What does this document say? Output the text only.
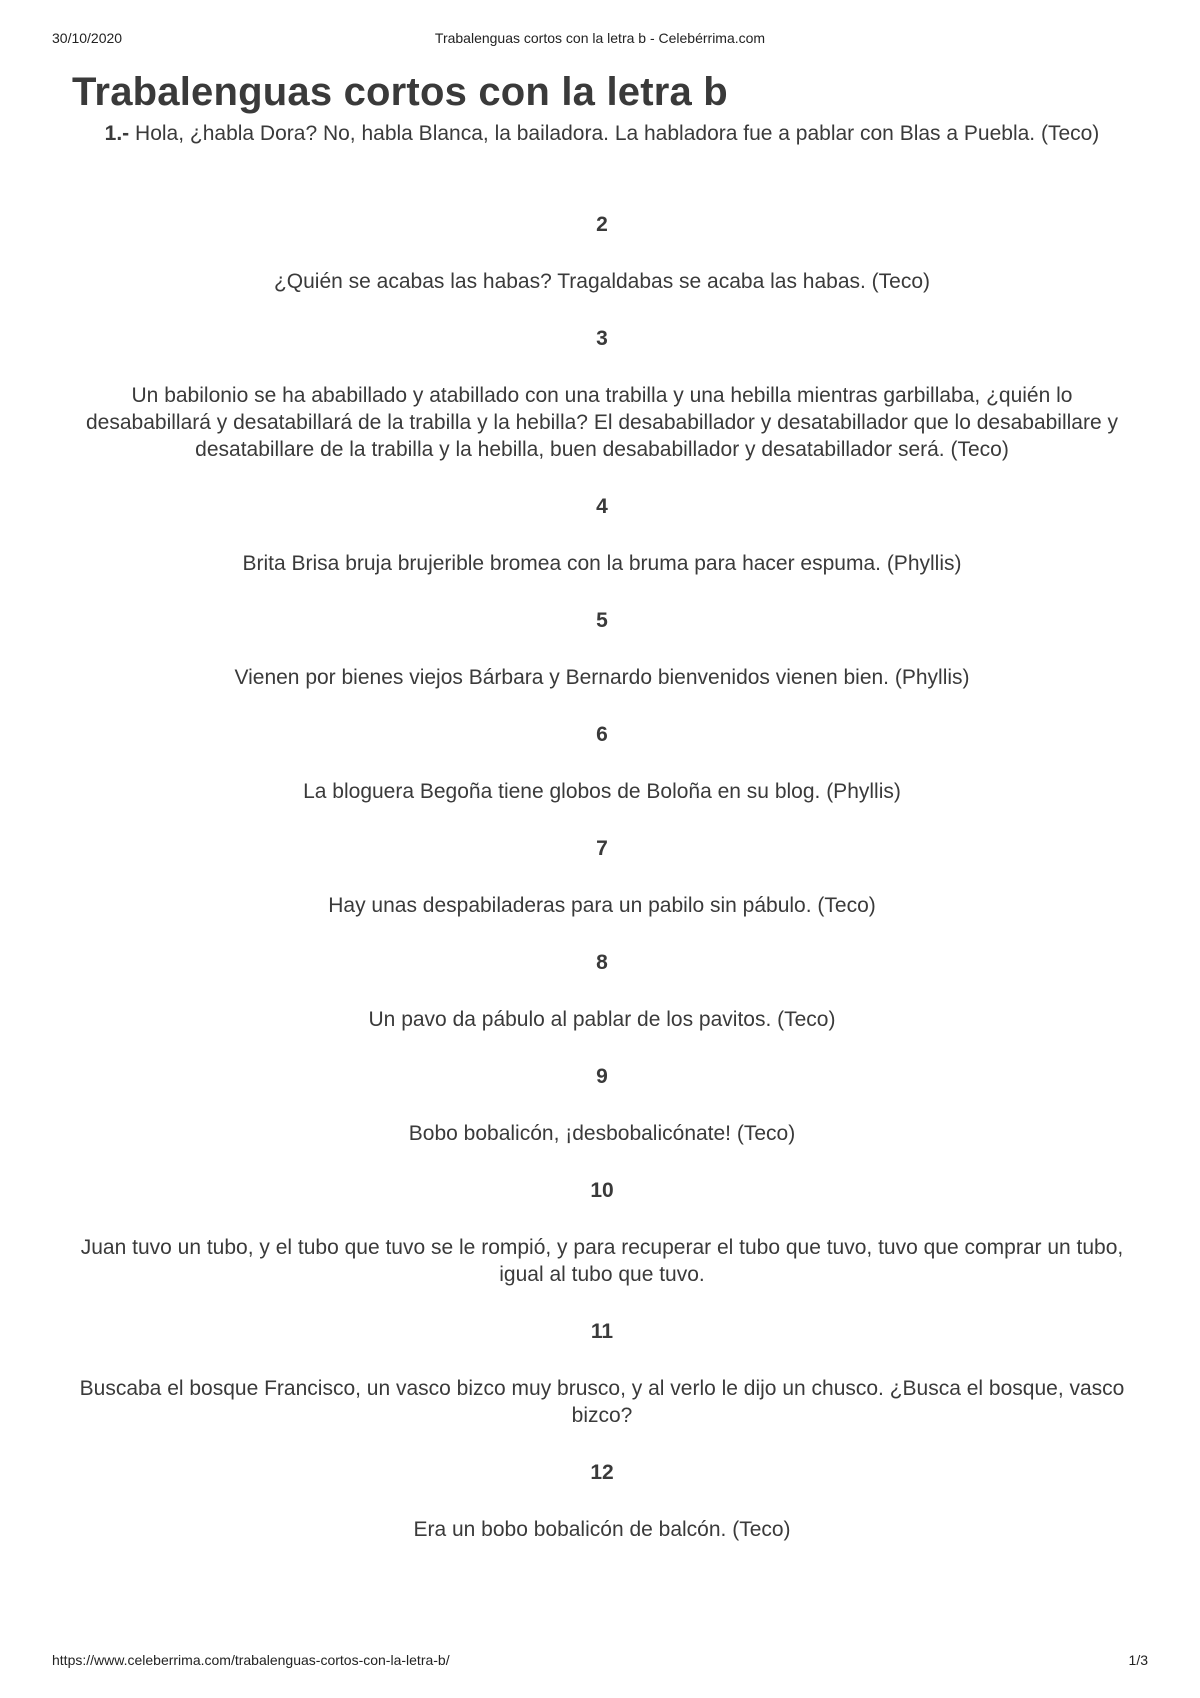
30/10/2020	Trabalenguas cortos con la letra b - Celebérrima.com
Trabalenguas cortos con la letra b

1.- Hola, ¿habla Dora? No, habla Blanca, la bailadora. La habladora fue a pablar con Blas a Puebla. (Teco)

2

¿Quién se acabas las habas? Tragaldabas se acaba las habas. (Teco)

3

Un babilonio se ha ababillado y atabillado con una trabilla y una hebilla mientras garbillaba, ¿quién lo desababillará y desatabillará de la trabilla y la hebilla? El desababillador y desatabillador que lo desababillare y desatabillare de la trabilla y la hebilla, buen desababillador y desatabillador será. (Teco)

4

Brita Brisa bruja brujerible bromea con la bruma para hacer espuma. (Phyllis)

5

Vienen por bienes viejos Bárbara y Bernardo bienvenidos vienen bien. (Phyllis)

6

La bloguera Begoña tiene globos de Boloña en su blog. (Phyllis)

7

Hay unas despabiladeras para un pabilo sin pábulo. (Teco)

8

Un pavo da pábulo al pablar de los pavitos. (Teco)

9

Bobo bobalicón, ¡desbobalicónate! (Teco)

10

Juan tuvo un tubo, y el tubo que tuvo se le rompió, y para recuperar el tubo que tuvo, tuvo que comprar un tubo, igual al tubo que tuvo.

11

Buscaba el bosque Francisco, un vasco bizco muy brusco, y al verlo le dijo un chusco. ¿Busca el bosque, vasco bizco?

12

Era un bobo bobalicón de balcón. (Teco)

https://www.celeberrima.com/trabalenguas-cortos-con-la-letra-b/	1/3
